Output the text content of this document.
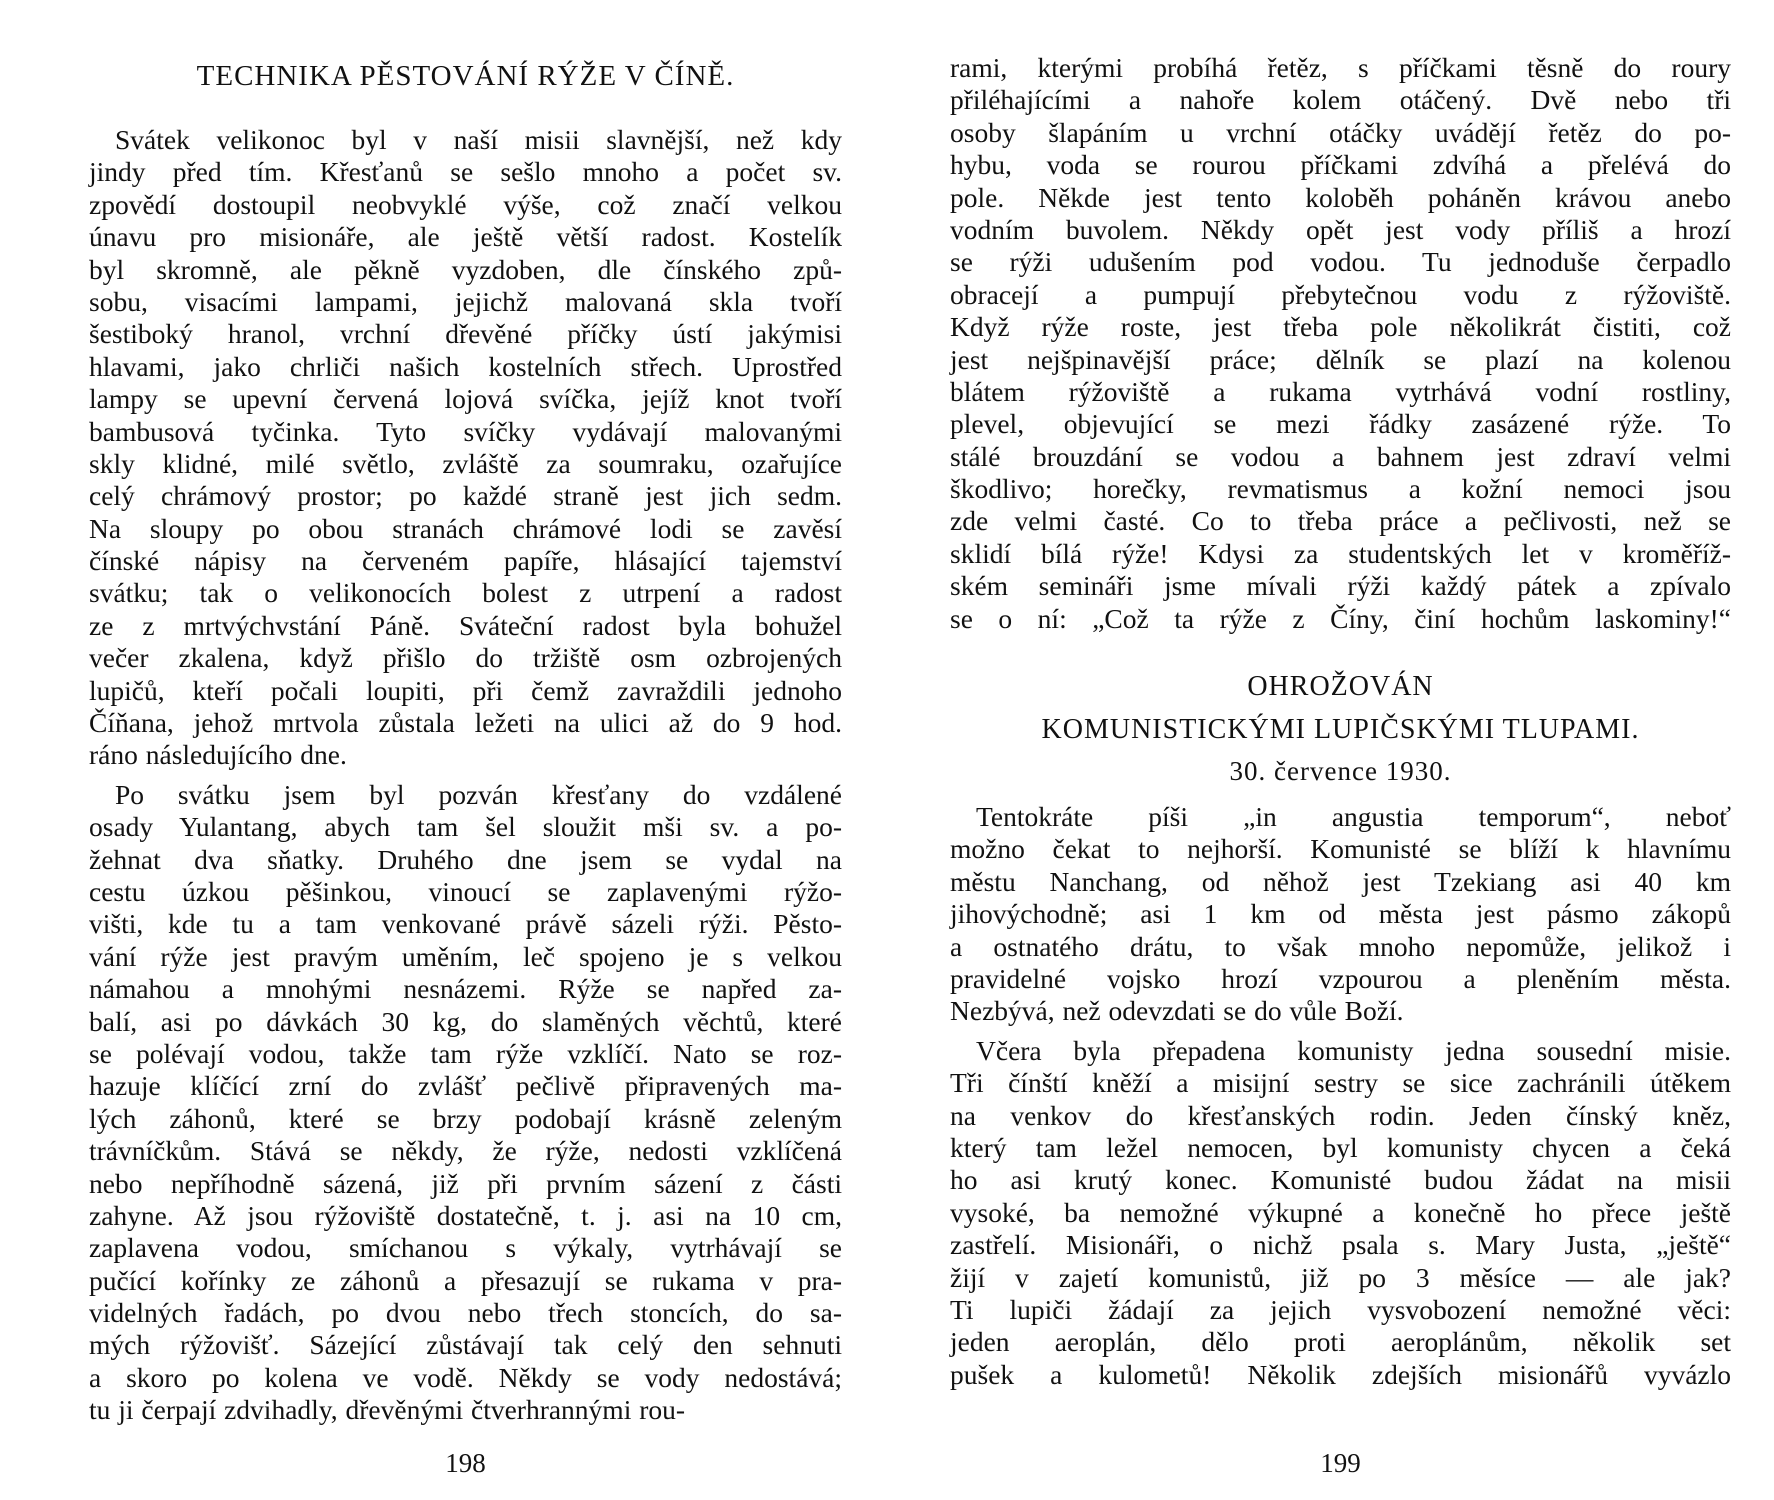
TECHNIKA PĚSTOVÁNÍ RÝŽE V ČÍNĚ.
Svátek velikonoc byl v naší misii slavnější, než kdy
jindy před tím. Křesťanů se sešlo mnoho a počet sv.
zpovědí dostoupil neobvyklé výše, což značí velkou
únavu pro misionáře, ale ještě větší radost. Kostelík
byl skromně, ale pěkně vyzdoben, dle čínského způ-
sobu, visacími lampami, jejichž malovaná skla tvoří
šestiboký hranol, vrchní dřevěné příčky ústí jakýmisi
hlavami, jako chrliči našich kostelních střech. Uprostřed
lampy se upevní červená lojová svíčka, jejíž knot tvoří
bambusová tyčinka. Tyto svíčky vydávají malovanými
skly klidné, milé světlo, zvláště za soumraku, ozařujíce
celý chrámový prostor; po každé straně jest jich sedm.
Na sloupy po obou stranách chrámové lodi se zavěsí
čínské nápisy na červeném papíře, hlásající tajemství
svátku; tak o velikonocích bolest z utrpení a radost
ze z mrtvýchvstání Páně. Sváteční radost byla bohužel
večer zkalena, když přišlo do tržiště osm ozbrojených
lupičů, kteří počali loupiti, při čemž zavraždili jednoho
Číňana, jehož mrtvola zůstala ležeti na ulici až do 9 hod.
ráno následujícího dne.
Po svátku jsem byl pozván křesťany do vzdálené
osady Yulantang, abych tam šel sloužit mši sv. a po-
žehnat dva sňatky. Druhého dne jsem se vydal na
cestu úzkou pěšinkou, vinoucí se zaplavenými rýžo-
višti, kde tu a tam venkované právě sázeli rýži. Pěsto-
vání rýže jest pravým uměním, leč spojeno je s velkou
námahou a mnohými nesnázemi. Rýže se napřed za-
balí, asi po dávkách 30 kg, do slaměných věchtů, které
se polévají vodou, takže tam rýže vzklíčí. Nato se roz-
hazuje klíčící zrní do zvlášť pečlivě připravených ma-
lých záhonů, které se brzy podobají krásně zeleným
trávníčkům. Stává se někdy, že rýže, nedosti vzklíčená
nebo nepříhodně sázená, již při prvním sázení z části
zahyne. Až jsou rýžoviště dostatečně, t. j. asi na 10 cm,
zaplavena vodou, smíchanou s výkaly, vytrhávají se
pučící kořínky ze záhonů a přesazují se rukama v pra-
videlných řadách, po dvou nebo třech stoncích, do sa-
mých rýžovišť. Sázející zůstávají tak celý den sehnuti
a skoro po kolena ve vodě. Někdy se vody nedostává;
tu ji čerpají zdvihadly, dřevěnými čtverhrannými rou-
198
rami, kterými probíhá řetěz, s příčkami těsně do roury
přiléhajícími a nahoře kolem otáčený. Dvě nebo tři
osoby šlapáním u vrchní otáčky uvádějí řetěz do po-
hybu, voda se rourou příčkami zdvíhá a přelévá do
pole. Někde jest tento koloběh poháněn krávou anebo
vodním buvolem. Někdy opět jest vody příliš a hrozí
se rýži udušením pod vodou. Tu jednoduše čerpadlo
obracejí a pumpují přebytečnou vodu z rýžoviště.
Když rýže roste, jest třeba pole několikrát čistiti, což
jest nejšpinavější práce; dělník se plazí na kolenou
blátem rýžoviště a rukama vytrhává vodní rostliny,
plevel, objevující se mezi řádky zasázené rýže. To
stálé brouzdání se vodou a bahnem jest zdraví velmi
škodlivo; horečky, revmatismus a kožní nemoci jsou
zde velmi časté. Co to třeba práce a pečlivosti, než se
sklidí bílá rýže! Kdysi za studentských let v kroměříž-
ském semináři jsme mívali rýži každý pátek a zpívalo
se o ní: „Což ta rýže z Číny, činí hochům laskominy!“
OHROŽOVÁN
KOMUNISTICKÝMI LUPIČSKÝMI TLUPAMI.
30. července 1930.
Tentokráte píši „in angustia temporum“, neboť
možno čekat to nejhorší. Komunisté se blíží k hlavnímu
městu Nanchang, od něhož jest Tzekiang asi 40 km
jihovýchodně; asi 1 km od města jest pásmo zákopů
a ostnatého drátu, to však mnoho nepomůže, jelikož i
pravidelné vojsko hrozí vzpourou a pleněním města.
Nezbývá, než odevzdati se do vůle Boží.
Včera byla přepadena komunisty jedna sousední misie.
Tři čínští kněží a misijní sestry se sice zachránili útěkem
na venkov do křesťanských rodin. Jeden čínský kněz,
který tam ležel nemocen, byl komunisty chycen a čeká
ho asi krutý konec. Komunisté budou žádat na misii
vysoké, ba nemožné výkupné a konečně ho přece ještě
zastřelí. Misionáři, o nichž psala s. Mary Justa, „ještě“
žijí v zajetí komunistů, již po 3 měsíce — ale jak?
Ti lupiči žádají za jejich vysvobození nemožné věci:
jeden aeroplán, dělo proti aeroplánům, několik set
pušek a kulometů! Několik zdejších misionářů vyvázlo
199
